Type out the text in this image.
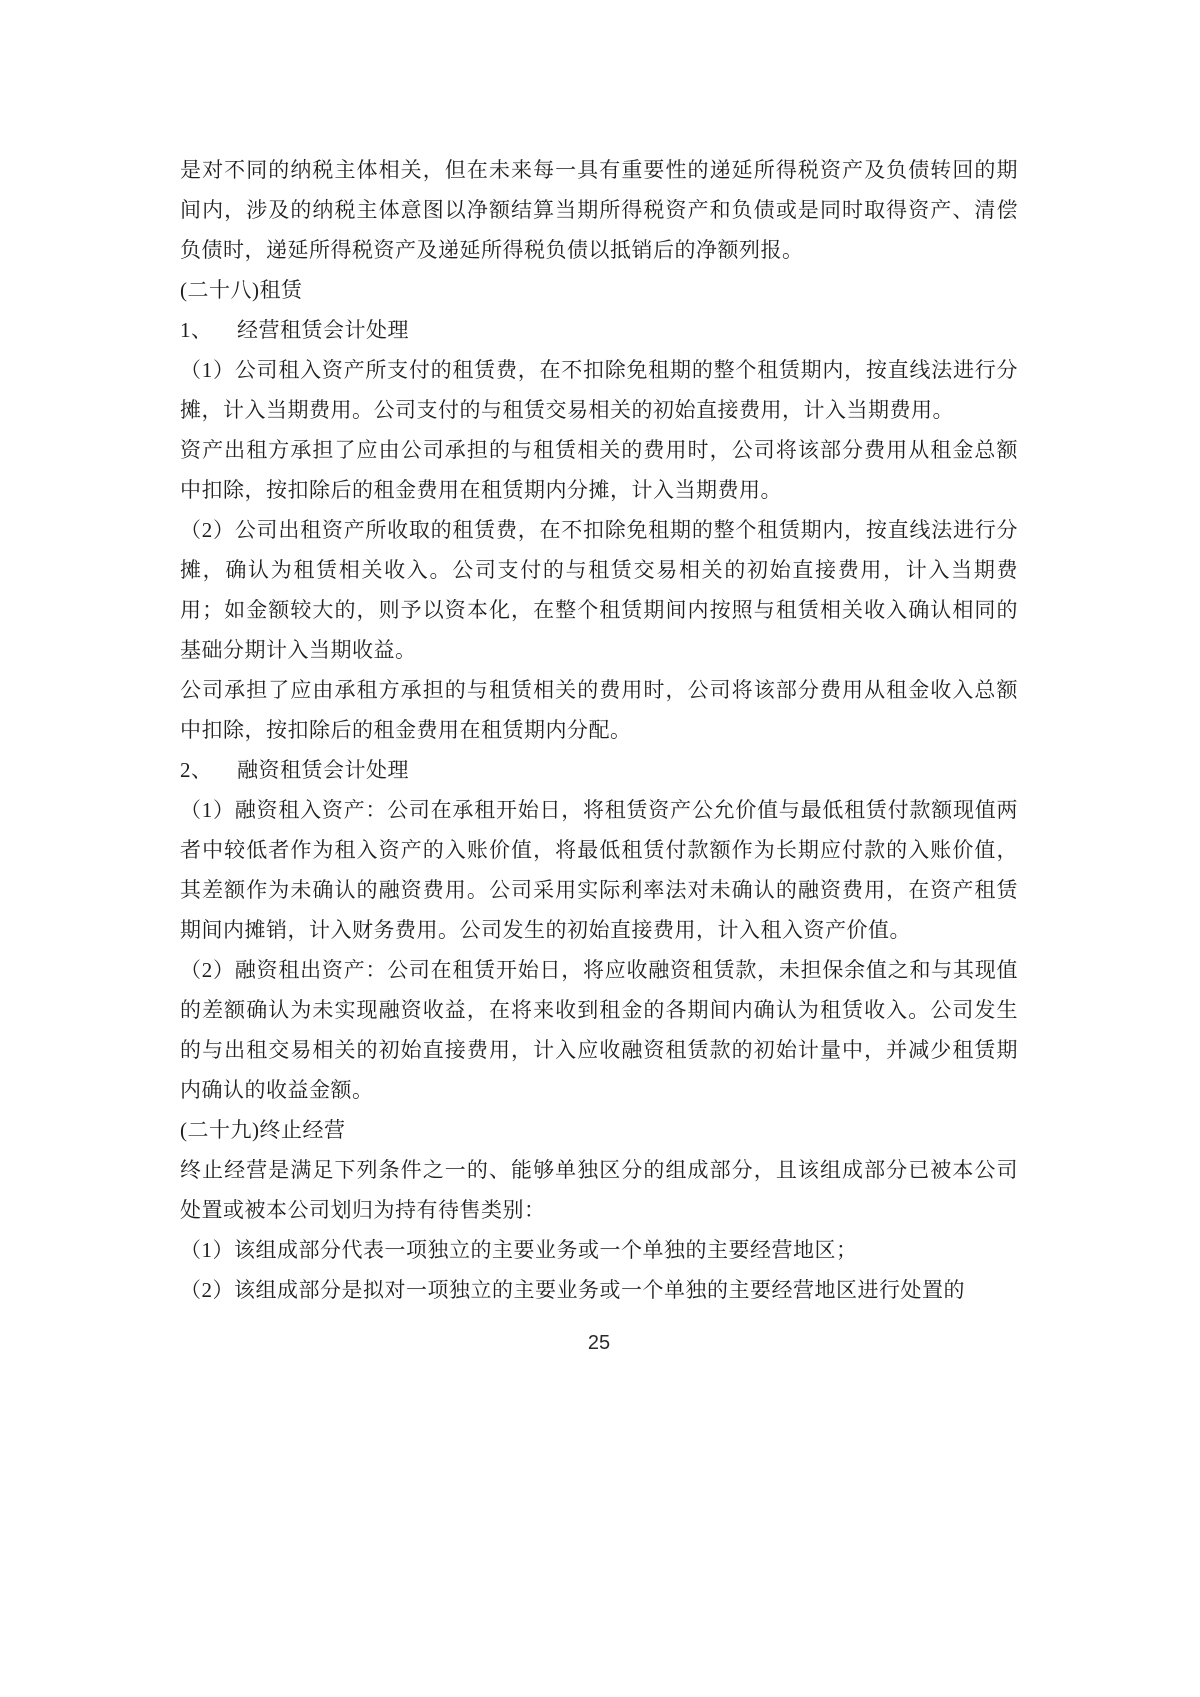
是对不同的纳税主体相关，但在未来每一具有重要性的递延所得税资产及负债转回的期间内，涉及的纳税主体意图以净额结算当期所得税资产和负债或是同时取得资产、清偿负债时，递延所得税资产及递延所得税负债以抵销后的净额列报。

(二十八)租赁
1、 经营租赁会计处理

（1）公司租入资产所支付的租赁费，在不扣除免租期的整个租赁期内，按直线法进行分摊，计入当期费用。公司支付的与租赁交易相关的初始直接费用，计入当期费用。

资产出租方承担了应由公司承担的与租赁相关的费用时，公司将该部分费用从租金总额中扣除，按扣除后的租金费用在租赁期内分摊，计入当期费用。

（2）公司出租资产所收取的租赁费，在不扣除免租期的整个租赁期内，按直线法进行分摊，确认为租赁相关收入。公司支付的与租赁交易相关的初始直接费用，计入当期费用；如金额较大的，则予以资本化，在整个租赁期间内按照与租赁相关收入确认相同的基础分期计入当期收益。

公司承担了应由承租方承担的与租赁相关的费用时，公司将该部分费用从租金收入总额中扣除，按扣除后的租金费用在租赁期内分配。

2、 融资租赁会计处理

（1）融资租入资产：公司在承租开始日，将租赁资产公允价值与最低租赁付款额现值两者中较低者作为租入资产的入账价值，将最低租赁付款额作为长期应付款的入账价值，其差额作为未确认的融资费用。公司采用实际利率法对未确认的融资费用，在资产租赁期间内摊销，计入财务费用。公司发生的初始直接费用，计入租入资产价值。

（2）融资租出资产：公司在租赁开始日，将应收融资租赁款，未担保余值之和与其现值的差额确认为未实现融资收益，在将来收到租金的各期间内确认为租赁收入。公司发生的与出租交易相关的初始直接费用，计入应收融资租赁款的初始计量中，并减少租赁期内确认的收益金额。

(二十九)终止经营

终止经营是满足下列条件之一的、能够单独区分的组成部分，且该组成部分已被本公司处置或被本公司划归为持有待售类别：

（1）该组成部分代表一项独立的主要业务或一个单独的主要经营地区；

（2）该组成部分是拟对一项独立的主要业务或一个单独的主要经营地区进行处置的

25
